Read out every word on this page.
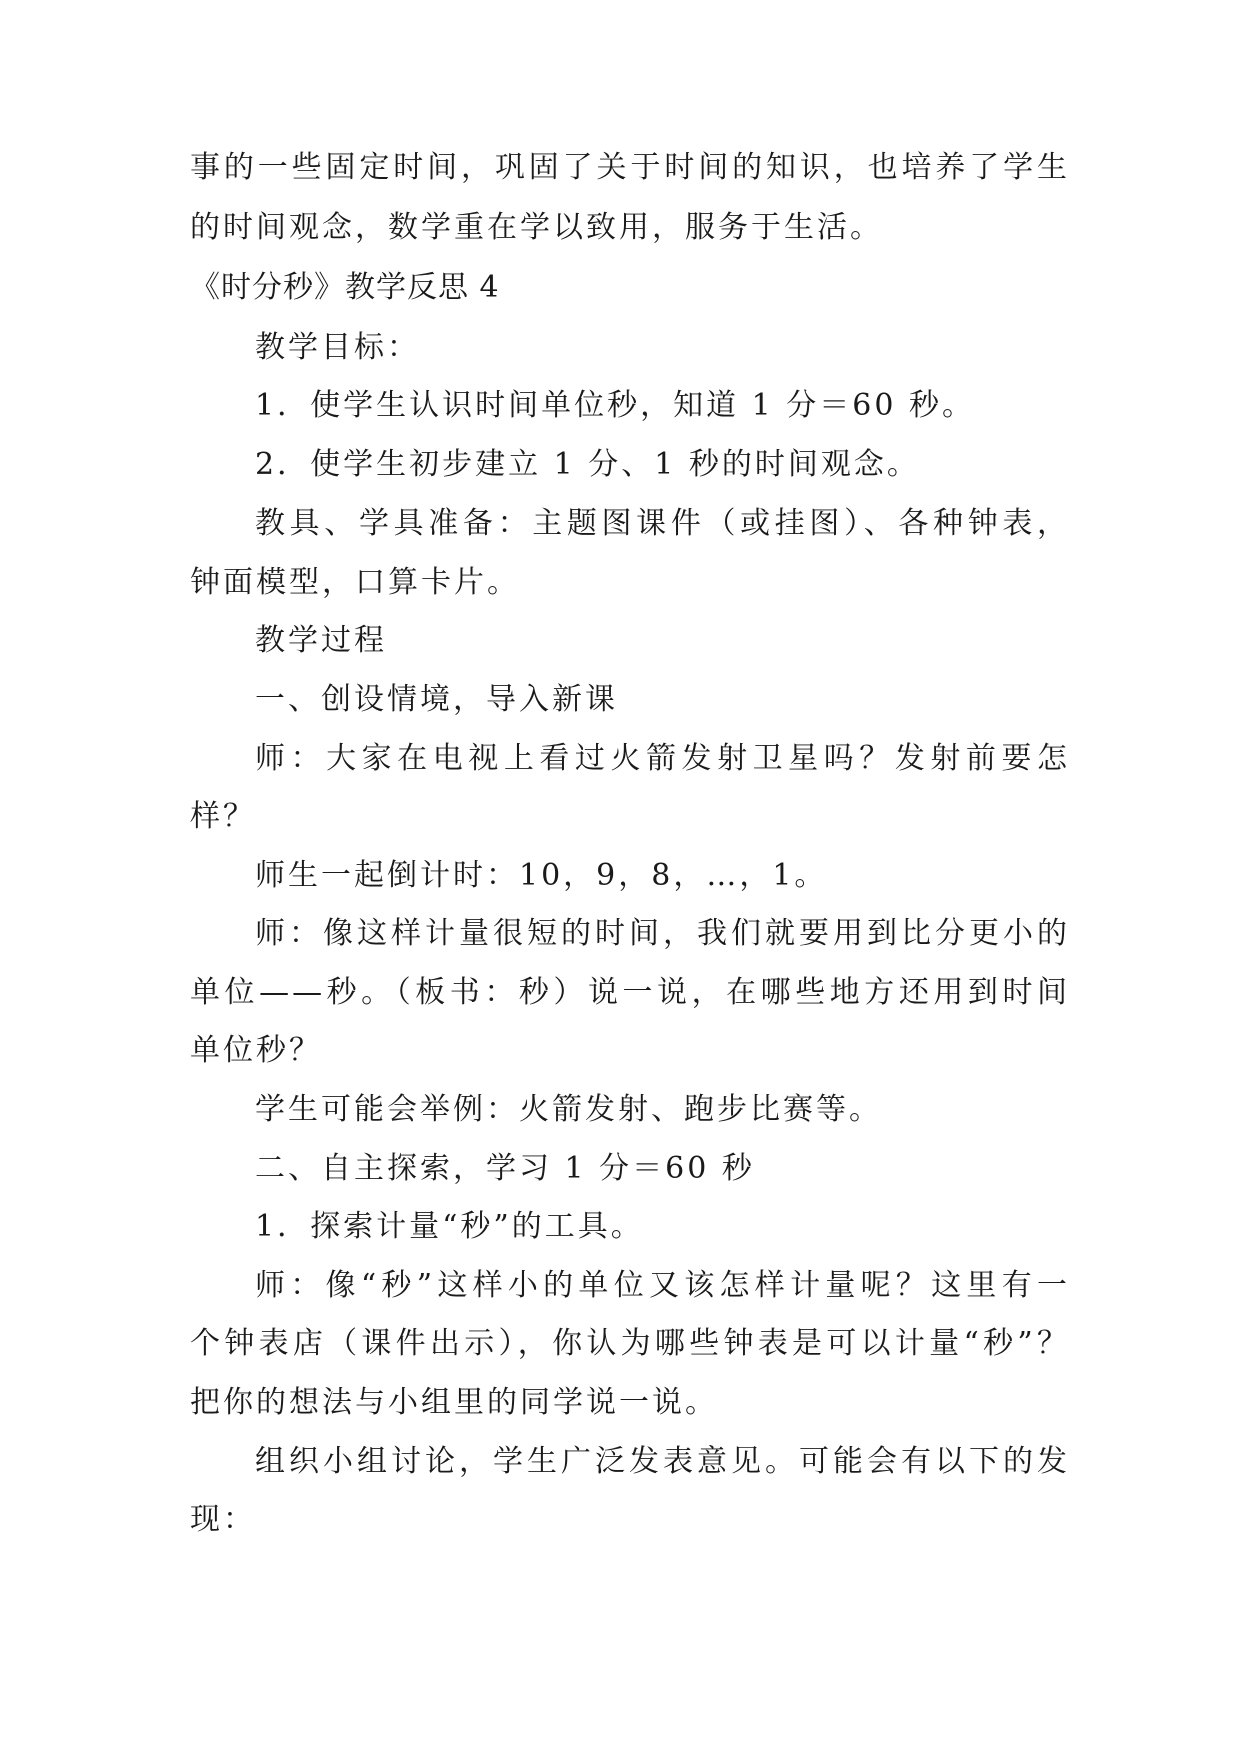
事的一些固定时间，巩固了关于时间的知识，也培养了学生
的时间观念，数学重在学以致用，服务于生活。
《时分秒》教学反思 4
教学目标：
1．使学生认识时间单位秒，知道 1 分＝60 秒。
2．使学生初步建立 1 分、1 秒的时间观念。
教具、学具准备：主题图课件（或挂图）、各种钟表，
钟面模型，口算卡片。
教学过程
一、创设情境，导入新课
师：大家在电视上看过火箭发射卫星吗？发射前要怎
样？
师生一起倒计时：10，9，8，…，1。
师：像这样计量很短的时间，我们就要用到比分更小的
单位——秒。（板书：秒）说一说，在哪些地方还用到时间
单位秒？
学生可能会举例：火箭发射、跑步比赛等。
二、自主探索，学习 1 分＝60 秒
1．探索计量“秒”的工具。
师：像“秒”这样小的单位又该怎样计量呢？这里有一
个钟表店（课件出示），你认为哪些钟表是可以计量“秒”？
把你的想法与小组里的同学说一说。
组织小组讨论，学生广泛发表意见。可能会有以下的发
现：
